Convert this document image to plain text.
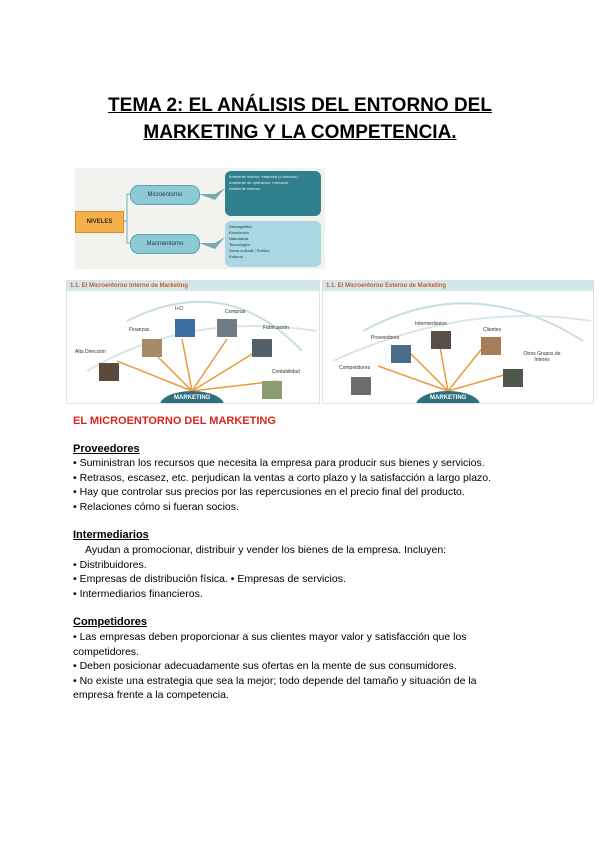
TEMA 2: EL ANÁLISIS DEL ENTORNO DEL
MARKETING Y LA COMPETENCIA.
NIVELES
Microentorno
Macroentorno
Ambiente interno: empresa (o entorno)
Ambiente de operación: mercado
Ambiente externo
Demográfico
Económico
Naturaleza
Tecnológico
Socio-cultural / Político
Entorno
1.1. El Microentorno Interno de Marketing
Alta Dirección
Finanzas
I+D	Compras
Fabricación
Contabilidad
MARKETING
1.1. El Microentorno Externo de Marketing
Competidores
Proveedores
Intermediarios
Clientes
Otros Grupos de Interés
MARKETING
EL MICROENTORNO DEL MARKETING
Proveedores
• Suministran los recursos que necesita la empresa para producir sus bienes y servicios.
• Retrasos, escasez, etc. perjudican la ventas a corto plazo y la satisfacción a largo plazo.
• Hay que controlar sus precios por las repercusiones en el precio final del producto.
• Relaciones cómo si fueran socios.
Intermediarios
Ayudan a promocionar, distribuir y vender los bienes de la empresa. Incluyen:
• Distribuidores.
• Empresas de distribución física. • Empresas de servicios.
• Intermediarios financieros.
Competidores
• Las empresas deben proporcionar a sus clientes mayor valor y satisfacción que los
competidores.
• Deben posicionar adecuadamente sus ofertas en la mente de sus consumidores.
• No existe una estrategia que sea la mejor; todo depende del tamaño y situación de la
empresa frente a la competencia.
